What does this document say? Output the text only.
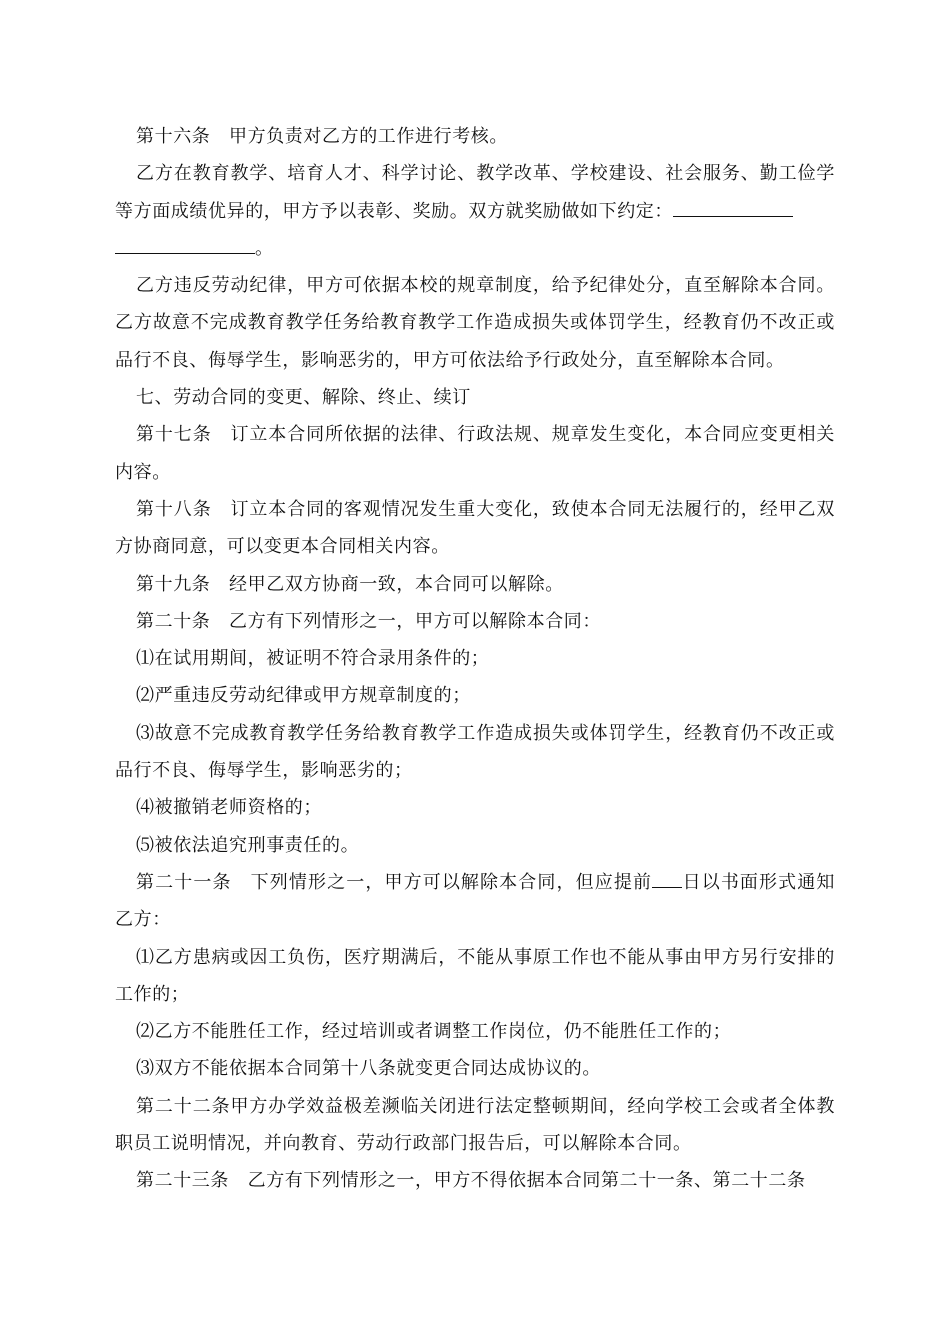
第十六条　甲方负责对乙方的工作进行考核。

乙方在教育教学、培育人才、科学讨论、教学改革、学校建设、社会服务、勤工俭学等方面成绩优异的，甲方予以表彰、奖励。双方就奖励做如下约定：

。

乙方违反劳动纪律，甲方可依据本校的规章制度，给予纪律处分，直至解除本合同。乙方故意不完成教育教学任务给教育教学工作造成损失或体罚学生，经教育仍不改正或品行不良、侮辱学生，影响恶劣的，甲方可依法给予行政处分，直至解除本合同。

七、劳动合同的变更、解除、终止、续订

第十七条　订立本合同所依据的法律、行政法规、规章发生变化，本合同应变更相关内容。

第十八条　订立本合同的客观情况发生重大变化，致使本合同无法履行的，经甲乙双方协商同意，可以变更本合同相关内容。

第十九条　经甲乙双方协商一致，本合同可以解除。

第二十条　乙方有下列情形之一，甲方可以解除本合同：

⑴在试用期间，被证明不符合录用条件的；

⑵严重违反劳动纪律或甲方规章制度的；

⑶故意不完成教育教学任务给教育教学工作造成损失或体罚学生，经教育仍不改正或品行不良、侮辱学生，影响恶劣的；

⑷被撤销老师资格的；

⑸被依法追究刑事责任的。

第二十一条　下列情形之一，甲方可以解除本合同，但应提前 日以书面形式通知乙方：

⑴乙方患病或因工负伤，医疗期满后，不能从事原工作也不能从事由甲方另行安排的工作的；

⑵乙方不能胜任工作，经过培训或者调整工作岗位，仍不能胜任工作的；

⑶双方不能依据本合同第十八条就变更合同达成协议的。

第二十二条甲方办学效益极差濒临关闭进行法定整顿期间，经向学校工会或者全体教职员工说明情况，并向教育、劳动行政部门报告后，可以解除本合同。

第二十三条　乙方有下列情形之一，甲方不得依据本合同第二十一条、第二十二条
